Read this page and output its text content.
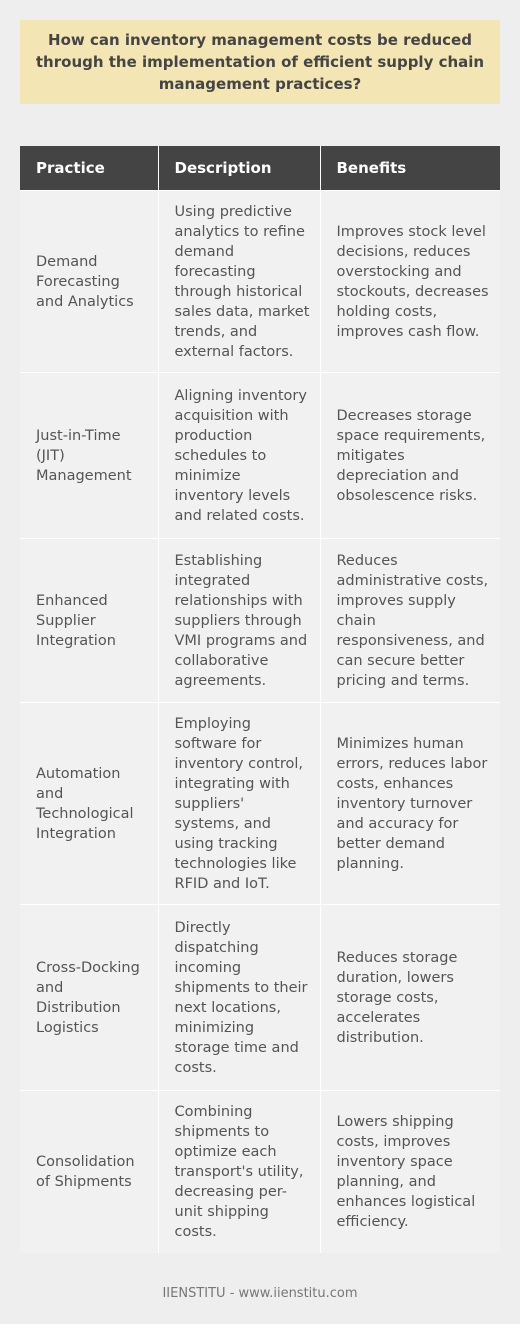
How can inventory management costs be reduced through the implementation of efficient supply chain management practices?
Practice	Description	Benefits
Demand Forecasting and Analytics	Using predictive analytics to refine demand forecasting through historical sales data, market trends, and external factors.	Improves stock level decisions, reduces overstocking and stockouts, decreases holding costs, improves cash flow.
Just-in-Time (JIT) Management	Aligning inventory acquisition with production schedules to minimize inventory levels and related costs.	Decreases storage space requirements, mitigates depreciation and obsolescence risks.
Enhanced Supplier Integration	Establishing integrated relationships with suppliers through VMI programs and collaborative agreements.	Reduces administrative costs, improves supply chain responsiveness, and can secure better pricing and terms.
Automation and Technological Integration	Employing software for inventory control, integrating with suppliers' systems, and using tracking technologies like RFID and IoT.	Minimizes human errors, reduces labor costs, enhances inventory turnover and accuracy for better demand planning.
Cross-Docking and Distribution Logistics	Directly dispatching incoming shipments to their next locations, minimizing storage time and costs.	Reduces storage duration, lowers storage costs, accelerates distribution.
Consolidation of Shipments	Combining shipments to optimize each transport's utility, decreasing per-unit shipping costs.	Lowers shipping costs, improves inventory space planning, and enhances logistical efficiency.
IIENSTITU - www.iienstitu.com
